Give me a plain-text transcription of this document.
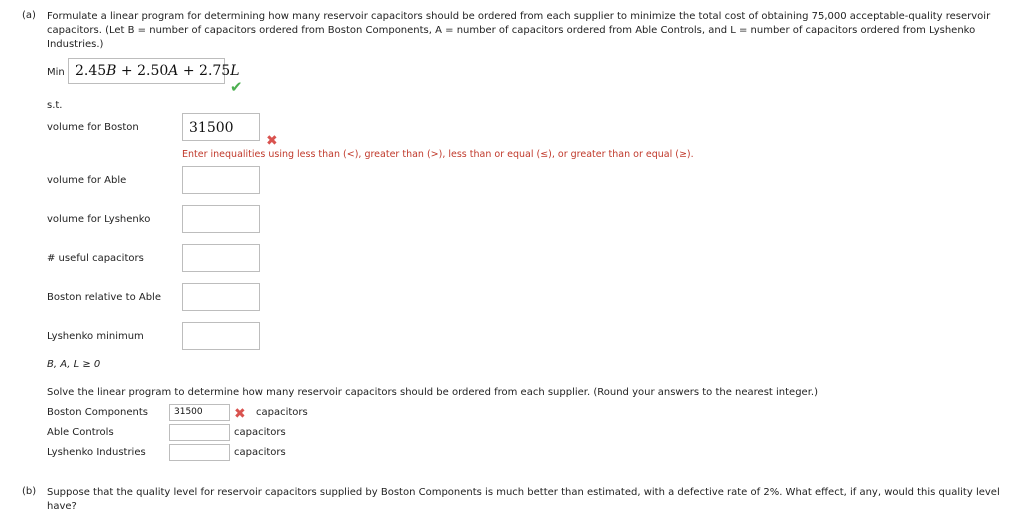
(a) Formulate a linear program for determining how many reservoir capacitors should be ordered from each supplier to minimize the total cost of obtaining 75,000 acceptable-quality reservoir
capacitors. (Let B = number of capacitors ordered from Boston Components, A = number of capacitors ordered from Able Controls, and L = number of capacitors ordered from Lyshenko
Industries.)
Min 2.45B + 2.50A + 2.75L
✔
s.t.
volume for Boston	31500
✖
Enter inequalities using less than (<), greater than (>), less than or equal (≤), or greater than or equal (≥).
volume for Able
volume for Lyshenko
# useful capacitors
Boston relative to Able
Lyshenko minimum
B, A, L ≥ 0
Solve the linear program to determine how many reservoir capacitors should be ordered from each supplier. (Round your answers to the nearest integer.)
Boston Components	31500	✖ capacitors
Able Controls	capacitors
Lyshenko Industries	capacitors
(b) Suppose that the quality level for reservoir capacitors supplied by Boston Components is much better than estimated, with a defective rate of 2%. What effect, if any, would this quality level
have?
